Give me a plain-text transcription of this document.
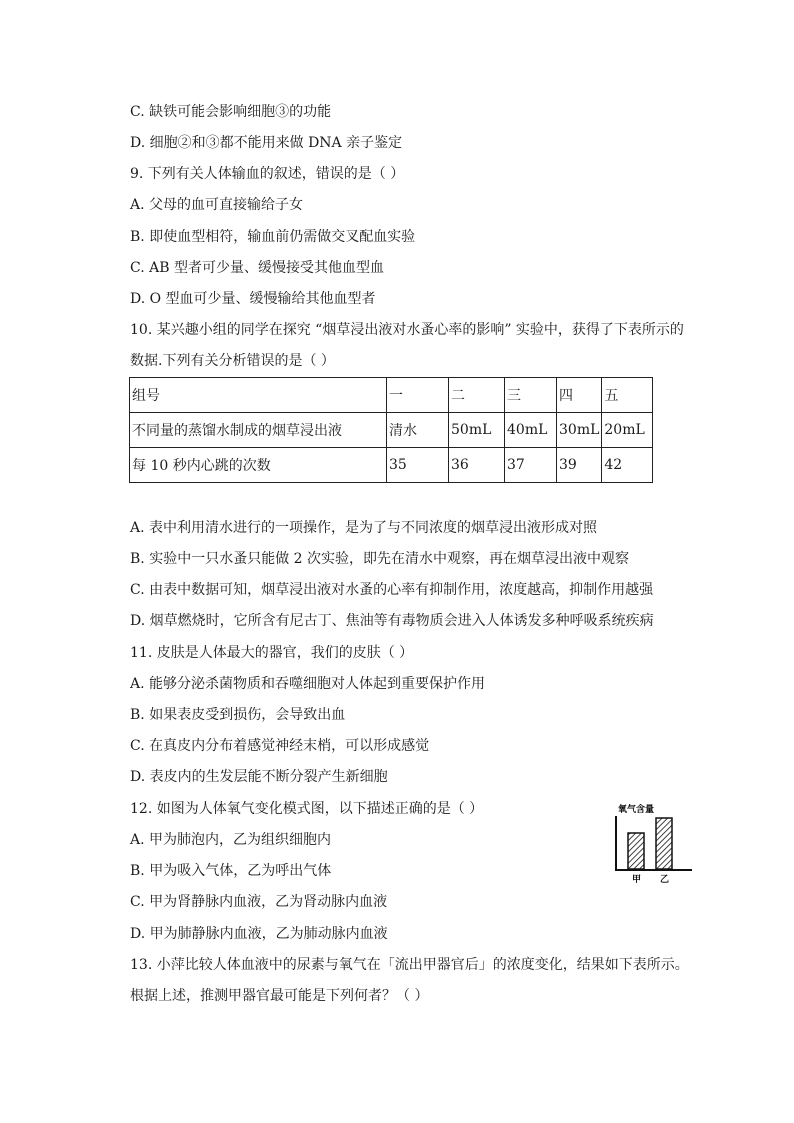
C. 缺铁可能会影响细胞③的功能
D. 细胞②和③都不能用来做 DNA 亲子鉴定
9. 下列有关人体输血的叙述，错误的是（ ）
A. 父母的血可直接输给子女
B. 即使血型相符，输血前仍需做交叉配血实验
C. AB 型者可少量、缓慢接受其他血型血
D. O 型血可少量、缓慢输给其他血型者
10. 某兴趣小组的同学在探究 “烟草浸出液对水蚤心率的影响” 实验中，获得了下表所示的
数据.下列有关分析错误的是（ ）
组号	一	二	三	四	五
不同量的蒸馏水制成的烟草浸出液	清水	50mL	40mL	30mL	20mL
每 10 秒内心跳的次数	35	36	37	39	42
A. 表中利用清水进行的一项操作，是为了与不同浓度的烟草浸出液形成对照
B. 实验中一只水蚤只能做 2 次实验，即先在清水中观察，再在烟草浸出液中观察
C. 由表中数据可知，烟草浸出液对水蚤的心率有抑制作用，浓度越高，抑制作用越强
D. 烟草燃烧时，它所含有尼古丁、焦油等有毒物质会进入人体诱发多种呼吸系统疾病
11. 皮肤是人体最大的器官，我们的皮肤（ ）
A. 能够分泌杀菌物质和吞噬细胞对人体起到重要保护作用
B. 如果表皮受到损伤，会导致出血
C. 在真皮内分布着感觉神经末梢，可以形成感觉
D. 表皮内的生发层能不断分裂产生新细胞
12. 如图为人体氧气变化模式图，以下描述正确的是（ ）
A. 甲为肺泡内，乙为组织细胞内
B. 甲为吸入气体，乙为呼出气体
C. 甲为肾静脉内血液，乙为肾动脉内血液
D. 甲为肺静脉内血液，乙为肺动脉内血液
13. 小萍比较人体血液中的尿素与氧气在「流出甲器官后」的浓度变化，结果如下表所示。
根据上述，推测甲器官最可能是下列何者？（ ）
氧气含量
甲 乙
